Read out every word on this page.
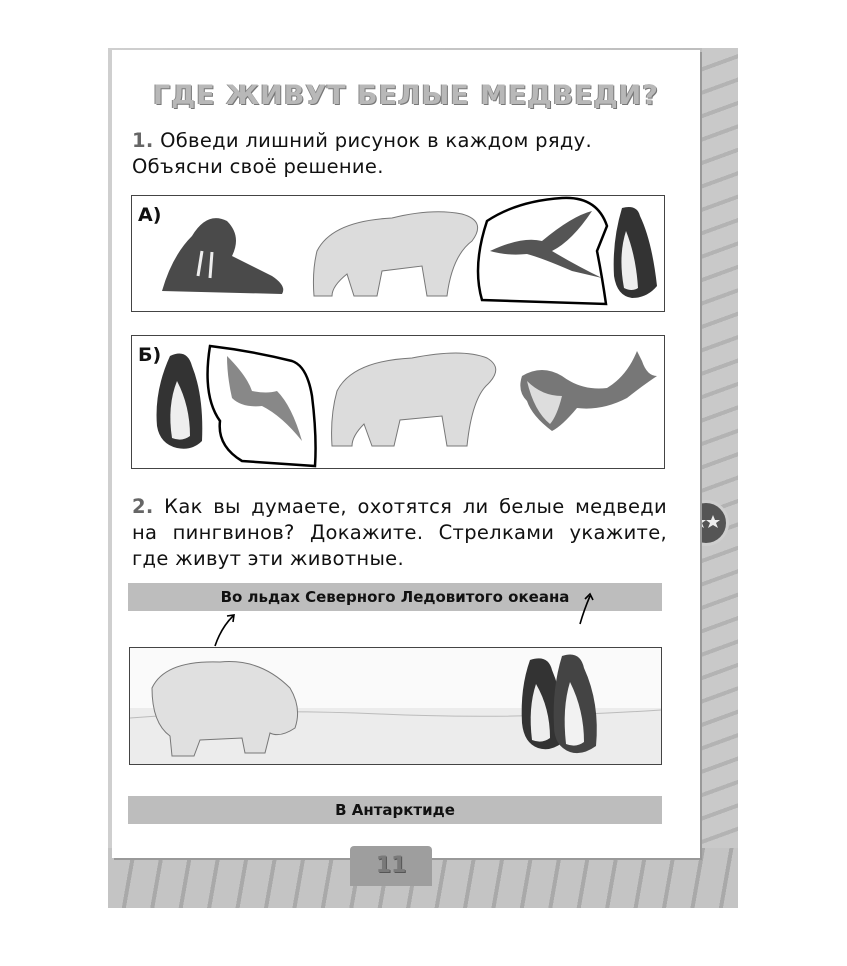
ГДЕ ЖИВУТ БЕЛЫЕ МЕДВЕДИ?
1. Обведи лишний рисунок в каждом ряду. Объясни своё решение.
А)
Б)
2. Как вы думаете, охотятся ли белые медведи на пингвинов? Докажите. Стрелками укажите, где живут эти животные.
Во льдах Северного Ледовитого океана
В Антарктиде
11
